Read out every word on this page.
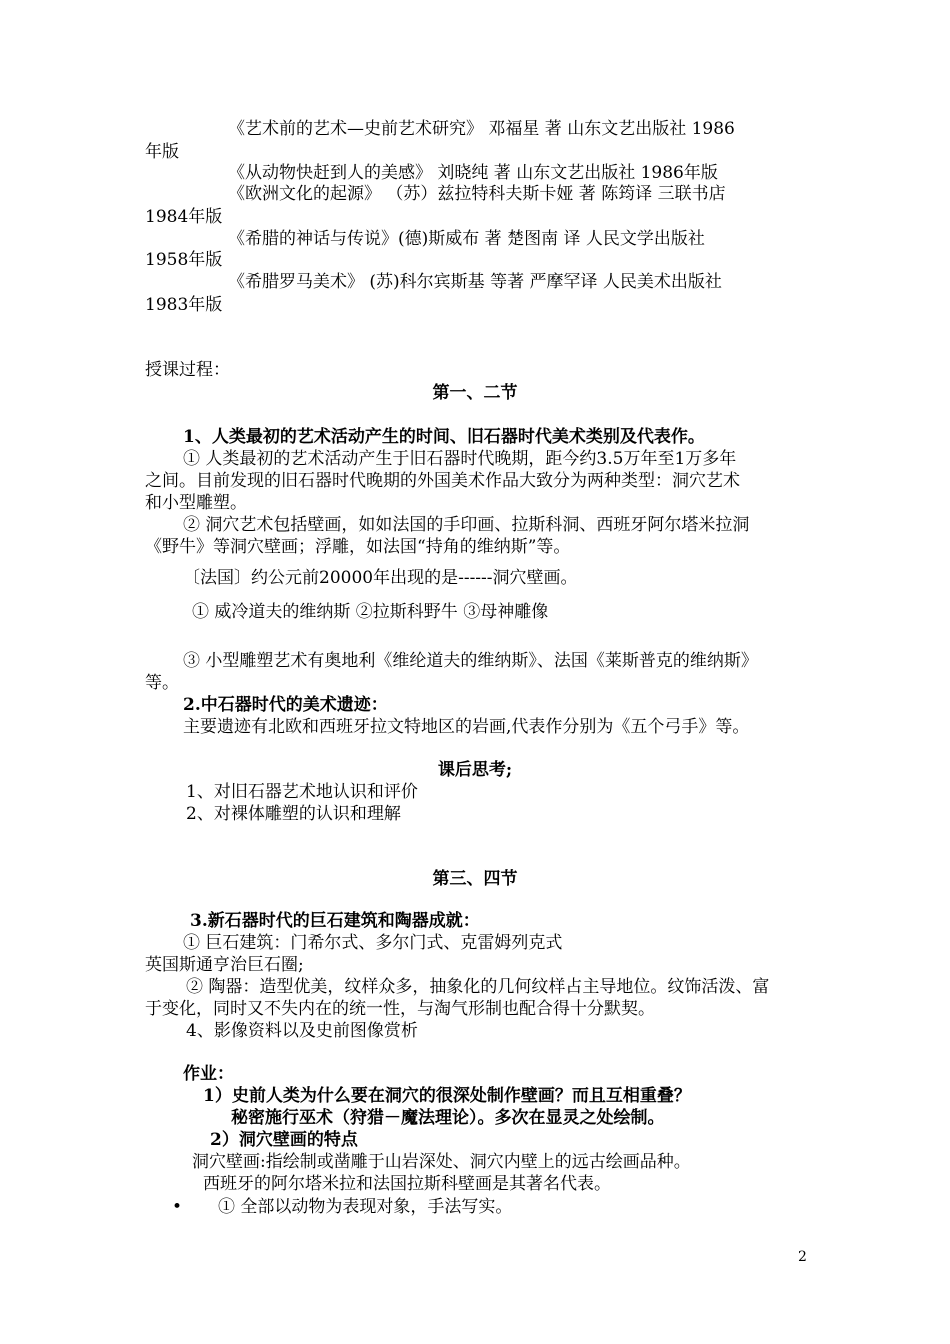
《艺术前的艺术—史前艺术研究》 邓福星 著 山东文艺出版社 1986
年版
《从动物快赶到人的美感》 刘晓纯 著 山东文艺出版社 1986年版
《欧洲文化的起源》 （苏）兹拉特科夫斯卡娅 著 陈筠译 三联书店
1984年版
《希腊的神话与传说》(德)斯威布 著 楚图南 译 人民文学出版社
1958年版
《希腊罗马美术》 (苏)科尔宾斯基 等著 严摩罕译 人民美术出版社
1983年版
授课过程：
第一、二节
1、人类最初的艺术活动产生的时间、旧石器时代美术类别及代表作。
① 人类最初的艺术活动产生于旧石器时代晚期，距今约3.5万年至1万多年
之间。目前发现的旧石器时代晚期的外国美术作品大致分为两种类型：洞穴艺术
和小型雕塑。
② 洞穴艺术包括壁画，如如法国的手印画、拉斯科洞、西班牙阿尔塔米拉洞
《野牛》等洞穴壁画；浮雕，如法国“持角的维纳斯”等。
〔法国〕约公元前20000年出现的是------洞穴壁画。
① 威冷道夫的维纳斯 ②拉斯科野牛 ③母神雕像
③ 小型雕塑艺术有奥地利《维纶道夫的维纳斯》、法国《莱斯普克的维纳斯》
等。
2.中石器时代的美术遗迹：
主要遗迹有北欧和西班牙拉文特地区的岩画,代表作分别为《五个弓手》等。
课后思考;
1、对旧石器艺术地认识和评价
2、对裸体雕塑的认识和理解
第三、四节
3.新石器时代的巨石建筑和陶器成就：
① 巨石建筑：门希尔式、多尔门式、克雷姆列克式
英国斯通亨治巨石圈;
② 陶器：造型优美，纹样众多，抽象化的几何纹样占主导地位。纹饰活泼、富
于变化，同时又不失内在的统一性，与淘气形制也配合得十分默契。
4、影像资料以及史前图像赏析
作业：
1）史前人类为什么要在洞穴的很深处制作壁画？而且互相重叠？
秘密施行巫术（狩猎－魔法理论）。多次在显灵之处绘制。
2）洞穴壁画的特点
洞穴壁画:指绘制或凿雕于山岩深处、洞穴内壁上的远古绘画品种。
西班牙的阿尔塔米拉和法国拉斯科壁画是其著名代表。
• ① 全部以动物为表现对象，手法写实。
2
